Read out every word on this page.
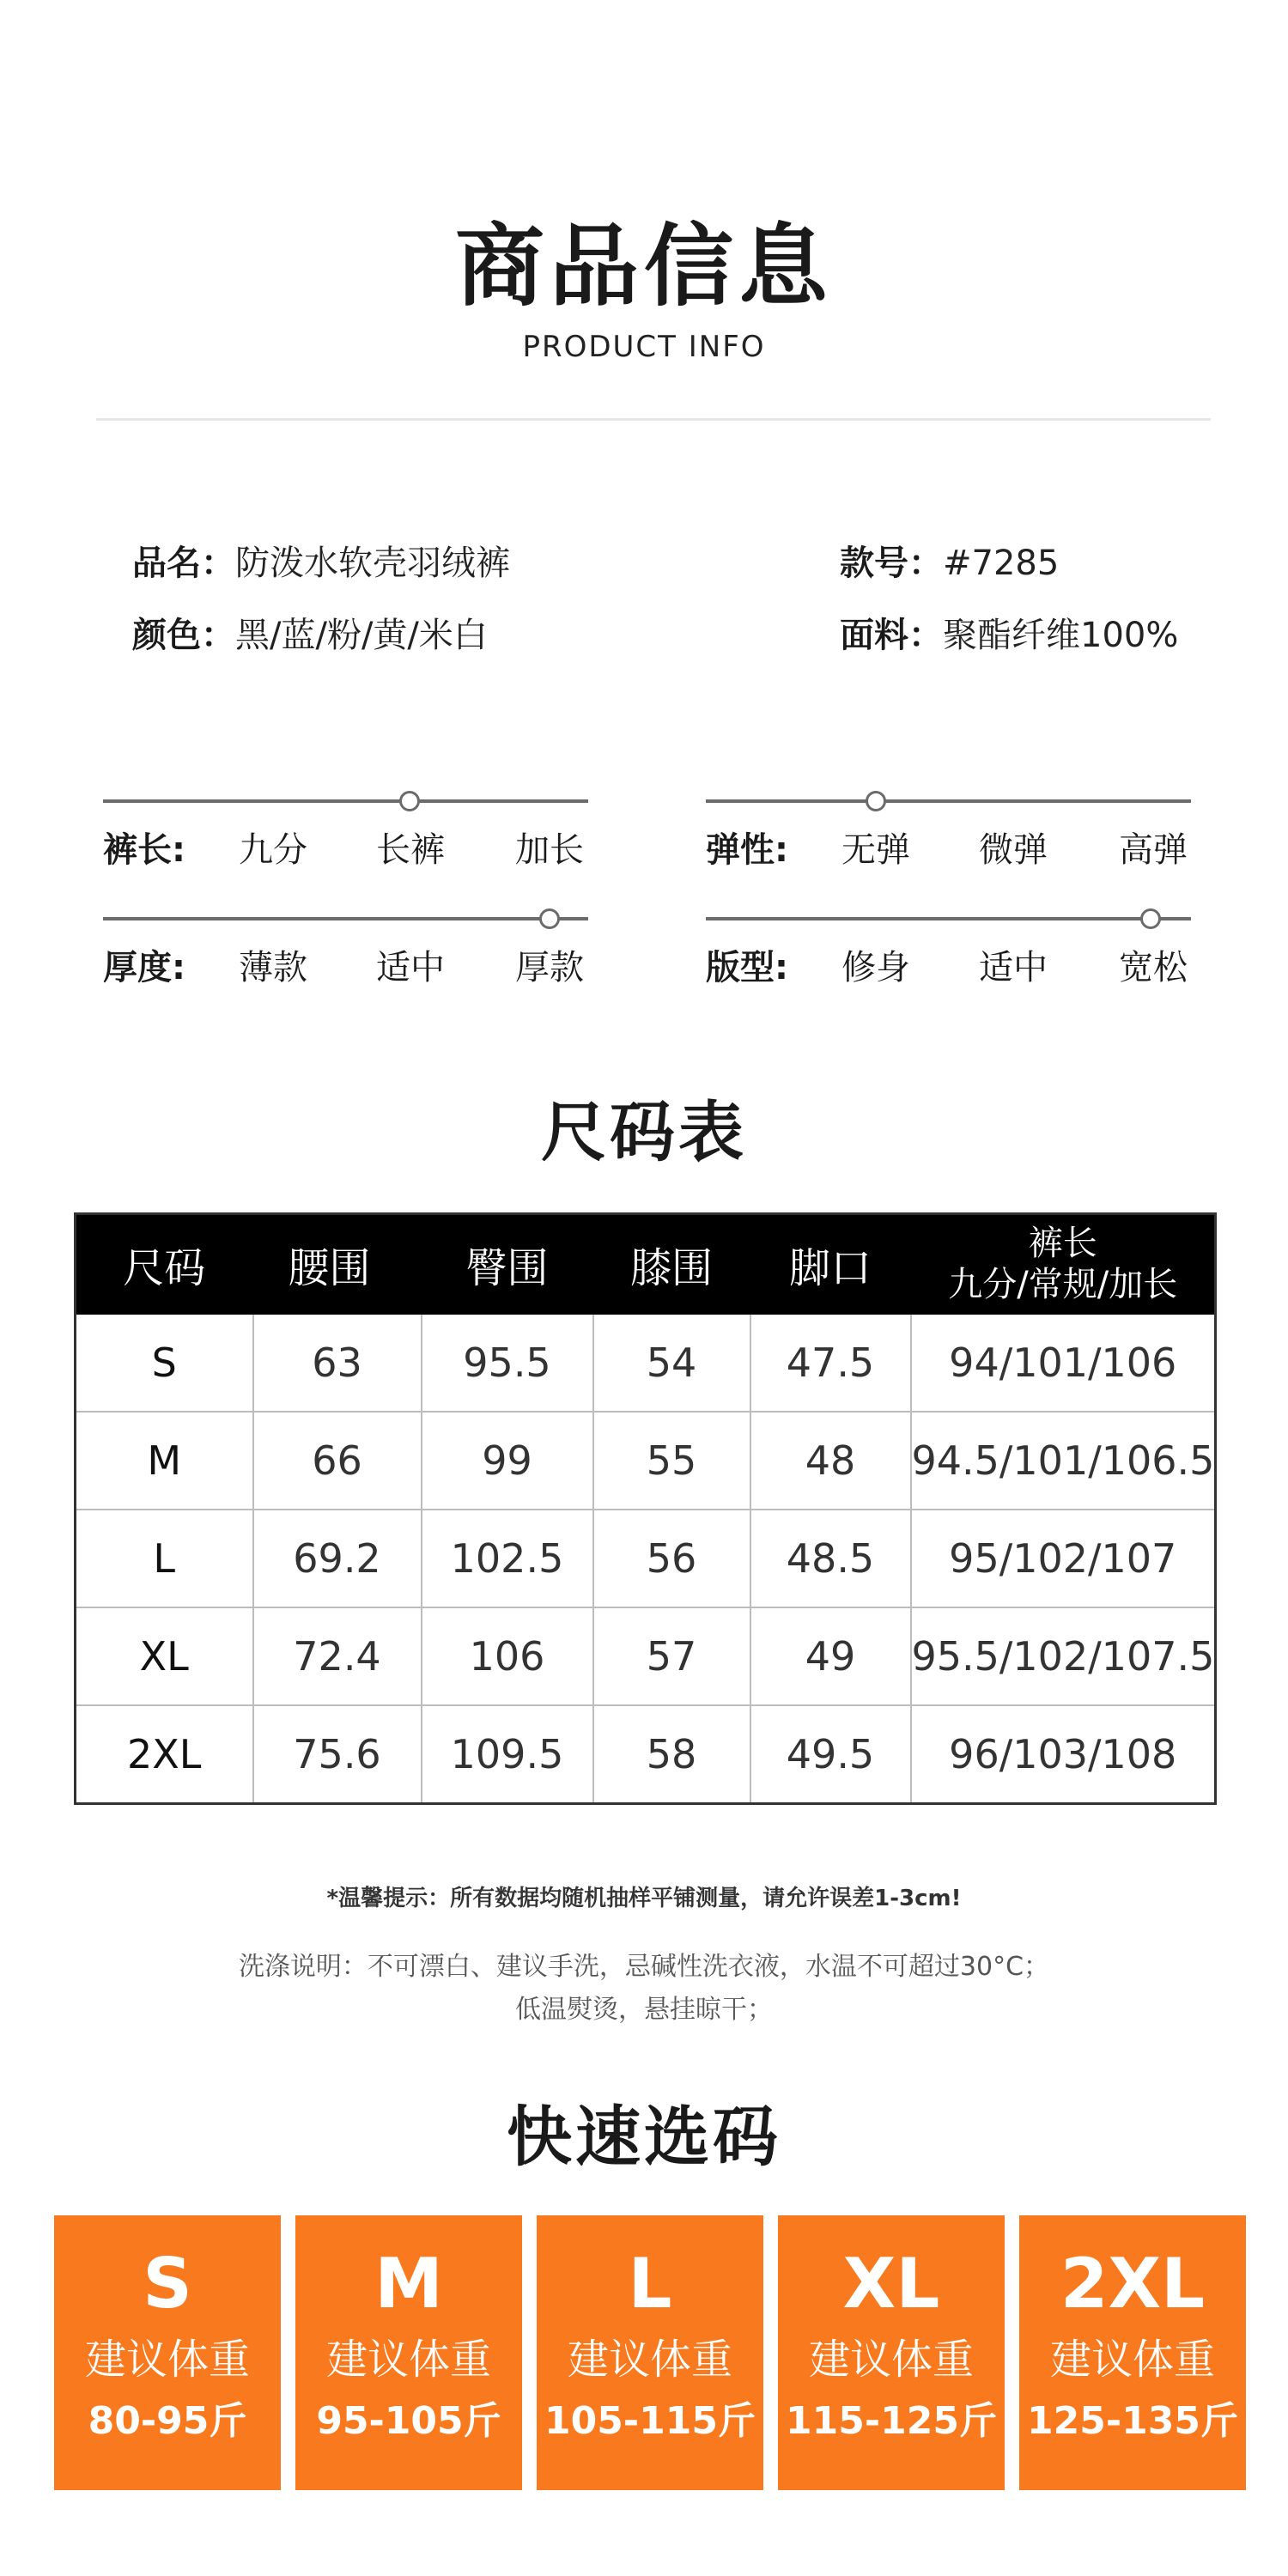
商品信息
PRODUCT INFO
品名：防泼水软壳羽绒裤	款号：#7285
颜色：黑/蓝/粉/黄/米白	面料：聚酯纤维100%
裤长:	九分	长裤	加长	弹性:	无弹	微弹	高弹
厚度:	薄款	适中	厚款	版型:	修身	适中	宽松
尺码表
尺码	腰围	臀围	膝围	脚口	裤长
九分/常规/加长

S	63	95.5	54	47.5	94/101/106
M	66	99	55	48	94.5/101/106.5
L	69.2	102.5	56	48.5	95/102/107
XL	72.4	106	57	49	95.5/102/107.5
2XL	75.6	109.5	58	49.5	96/103/108
*温馨提示：所有数据均随机抽样平铺测量，请允许误差1-3cm!
洗涤说明：不可漂白、建议手洗，忌碱性洗衣液，水温不可超过30°C；
低温熨烫，悬挂晾干；
快速选码
S
建议体重
80-95斤
M
建议体重
95-105斤
L
建议体重
105-115斤
XL
建议体重
115-125斤
2XL
建议体重
125-135斤
